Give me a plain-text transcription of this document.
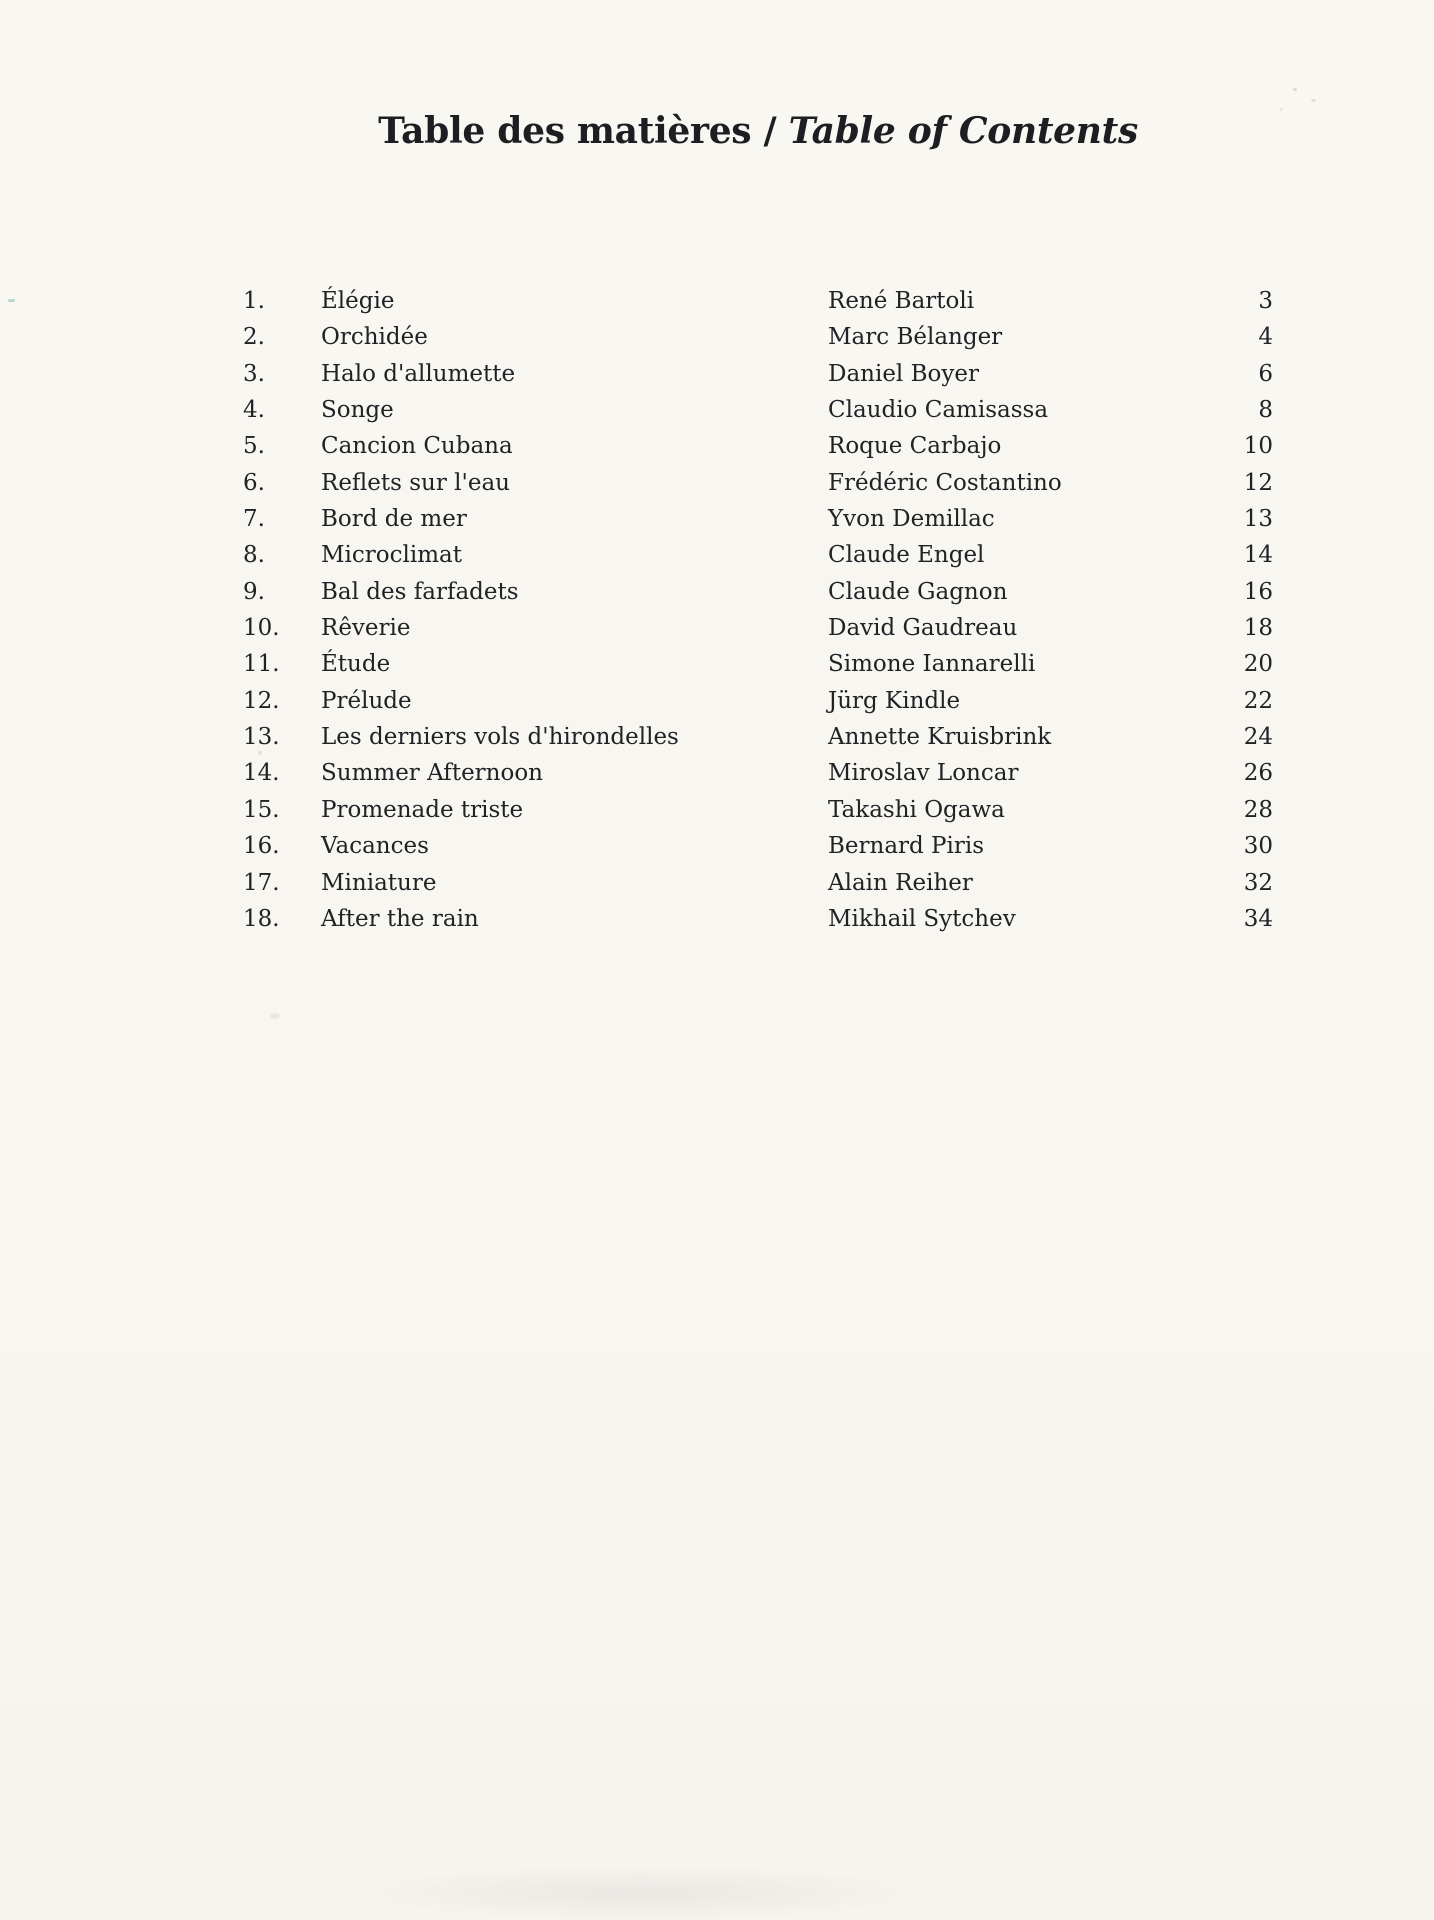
Table des matières / Table of Contents
1.	Élégie	René Bartoli	3
2.	Orchidée	Marc Bélanger	4
3.	Halo d'allumette	Daniel Boyer	6
4.	Songe	Claudio Camisassa	8
5.	Cancion Cubana	Roque Carbajo	10
6.	Reflets sur l'eau	Frédéric Costantino	12
7.	Bord de mer	Yvon Demillac	13
8.	Microclimat	Claude Engel	14
9.	Bal des farfadets	Claude Gagnon	16
10.	Rêverie	David Gaudreau	18
11.	Étude	Simone Iannarelli	20
12.	Prélude	Jürg Kindle	22
13.	Les derniers vols d'hirondelles	Annette Kruisbrink	24
14.	Summer Afternoon	Miroslav Loncar	26
15.	Promenade triste	Takashi Ogawa	28
16.	Vacances	Bernard Piris	30
17.	Miniature	Alain Reiher	32
18.	After the rain	Mikhail Sytchev	34
